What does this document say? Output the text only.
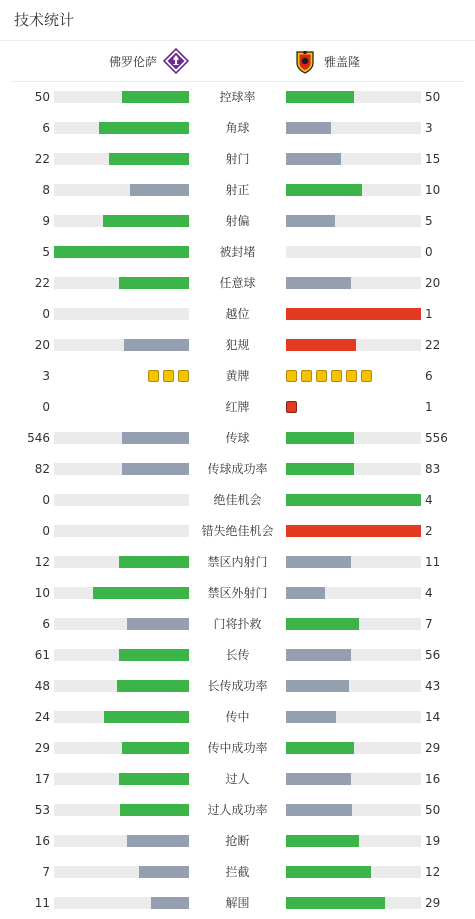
技术统计
佛罗伦萨	雅盖隆
50	控球率	50
6	角球	3
22	射门	15
8	射正	10
9	射偏	5
5	被封堵	0
22	任意球	20
0	越位	1
20	犯规	22
3	黄牌	6
0	红牌	1
546	传球	556
82	传球成功率	83
0	绝佳机会	4
0	错失绝佳机会	2
12	禁区内射门	11
10	禁区外射门	4
6	门将扑救	7
61	长传	56
48	长传成功率	43
24	传中	14
29	传中成功率	29
17	过人	16
53	过人成功率	50
16	抢断	19
7	拦截	12
11	解围	29
